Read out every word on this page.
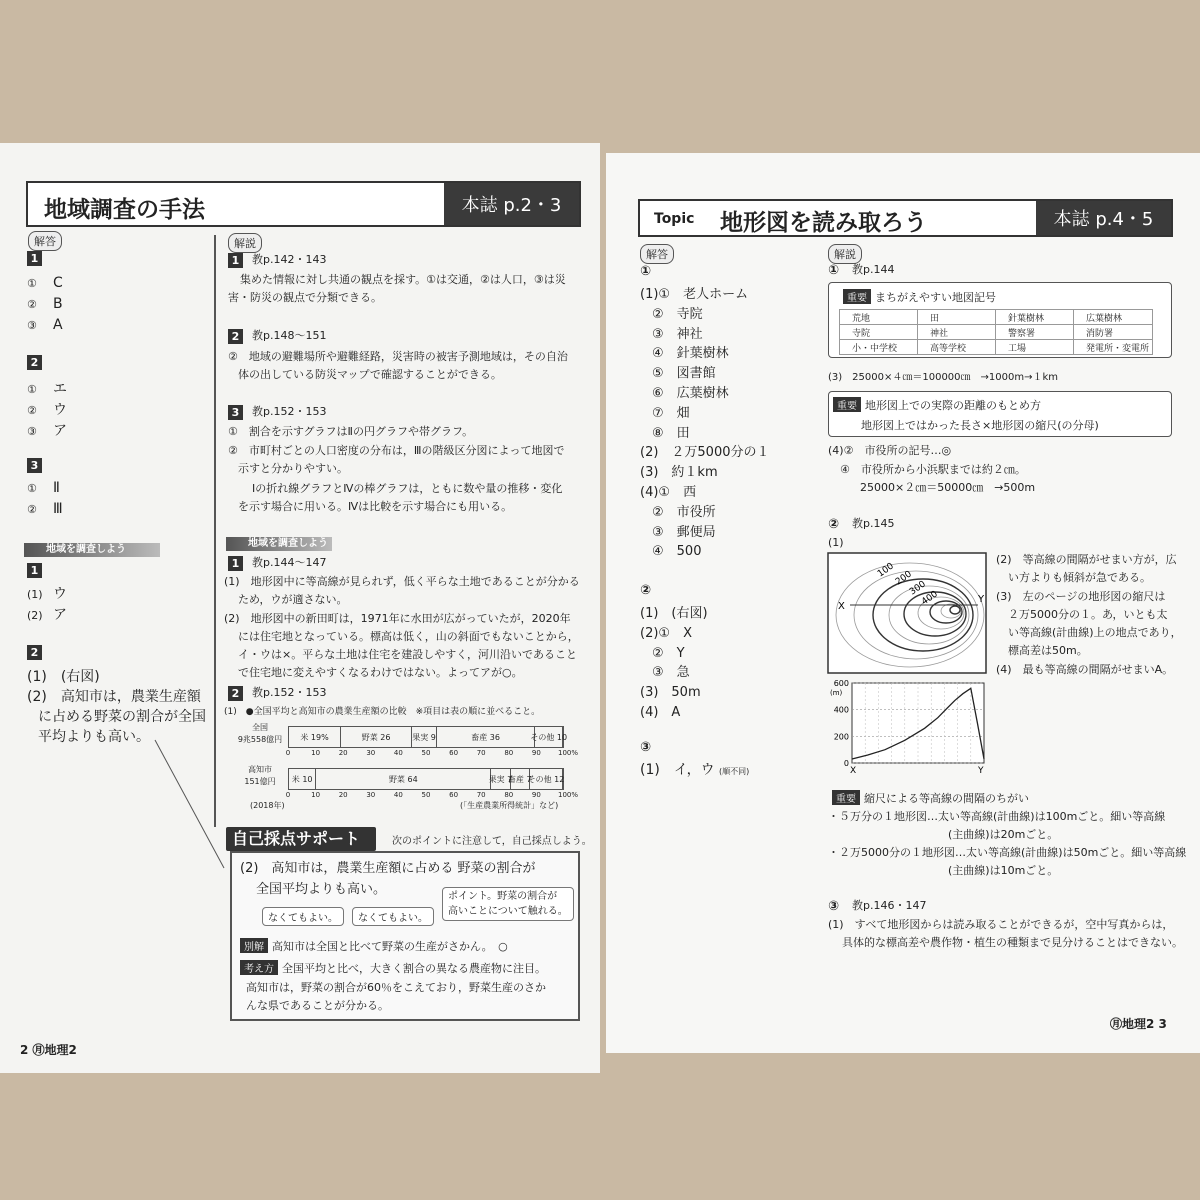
地域調査の手法	本誌 p.2・3
解答	解説
1
2
3
地域を調査しよう
1
2
(1)　(右図)
(2)　高知市は，農業生産額
に占める野菜の割合が全国
平均よりも高い。
1	教p.142・143
集めた情報に対し共通の観点を採す。①は交通，②は人口，③は災
害・防災の観点で分類できる。
2	教p.148～151
②　地域の避難場所や避難経路，災害時の被害予測地域は，その自治
体の出している防災マップで確認することができる。
3	教p.152・153
①　割合を示すグラフはⅡの円グラフや帯グラフ。
②　市町村ごとの人口密度の分布は，Ⅲの階級区分図によって地図で
示すと分かりやすい。
Ⅰの折れ線グラフとⅣの棒グラフは，ともに数や量の推移・変化
を示す場合に用いる。Ⅳは比較を示す場合にも用いる。
地域を調査しよう
1	教p.144～147
(1)　地形図中に等高線が見られず，低く平らな土地であることが分かる
ため，ウが適さない。
(2)　地形図中の新田町は，1971年に水田が広がっていたが，2020年
には住宅地となっている。標高は低く，山の斜面でもないことから，
イ・ウは×。平らな土地は住宅を建設しやすく，河川沿いであること
で住宅地に変えやすくなるわけではない。よってアが○。
2	教p.152・153
(1)　●全国平均と高知市の農業生産額の比較　※項目は表の順に並べること。
(2018年)	(「生産農業所得統計」など)
自己採点サポート	次のポイントに注意して，自己採点しよう。
(2)　高知市は，農業生産額に占める 野菜の割合が
全国平均よりも高い。
なくてもよい。	なくてもよい。
ポイント。野菜の割合が
高いことについて触れる。
別解 高知市は全国と比べて野菜の生産がさかん。　○
考え方 全国平均と比べ，大きく割合の異なる農産物に注目。
高知市は，野菜の割合が60％をこえており，野菜生産のさか
んな県であることが分かる。
2 ㊊地理2
① C
② B
③ A
① エ
② ウ
③ ア
① Ⅱ
② Ⅲ
(1) ウ
(2) ア
全国
9兆558億円 米 19%	野菜 26	果実 9	畜産 36	その他 10
0	10	20	30	40	50	60	70	80	90 100%
高知市
151億円	米 10	野菜 64	果実 7
畜産 7
その他 12
0	10	20	30	40	50	60	70	80	90 100%
Topic 地形図を読み取ろう	本誌 p.4・5
解答	解説
①
②
③
(1)　イ，ウ (順不同)
① 教p.144
重要 まちがえやすい地図記号
　荒地	　田	　針葉樹林	　広葉樹林
　寺院	　神社	　警察署	　消防署
　小・中学校	　高等学校	　工場	　発電所・変電所
(3)　25000×４㎝＝100000㎝　→1000m→１km
重要 地形図上での実際の距離のもとめ方
地形図上ではかった長さ×地形図の縮尺(の分母)
(4)②　市役所の記号…◎
④　市役所から小浜駅までは約２㎝。
25000×２㎝＝50000㎝　→500m
② 教p.145
(1)
X
Y
100
200
300
400
0
200
400
600
(m)
X	Y
(2)　等高線の間隔がせまい方が，広
い方よりも傾斜が急である。
(3)　左のページの地形図の縮尺は
２万5000分の１。あ，いとも太
い等高線(計曲線)上の地点であり，
標高差は50m。
(4)　最も等高線の間隔がせまいA。
重要 縮尺による等高線の間隔のちがい
・５万分の１地形図…太い等高線(計曲線)は100mごと。細い等高線
(主曲線)は20mごと。
・２万5000分の１地形図…太い等高線(計曲線)は50mごと。細い等高線
(主曲線)は10mごと。
③ 教p.146・147
(1)　すべて地形図からは読み取ることができるが，空中写真からは，
具体的な標高差や農作物・植生の種類まで見分けることはできない。
㊊地理2 3
(1)①　老人ホーム
②　寺院
③　神社
④　針葉樹林
⑤　図書館
⑥　広葉樹林
⑦　畑
⑧　田
(2)　２万5000分の１
(3)　約１km
(4)①　西
②　市役所
③　郵便局
④　500
(1)　(右図)
(2)①　X
②　Y
③　急
(3)　50m
(4)　A
